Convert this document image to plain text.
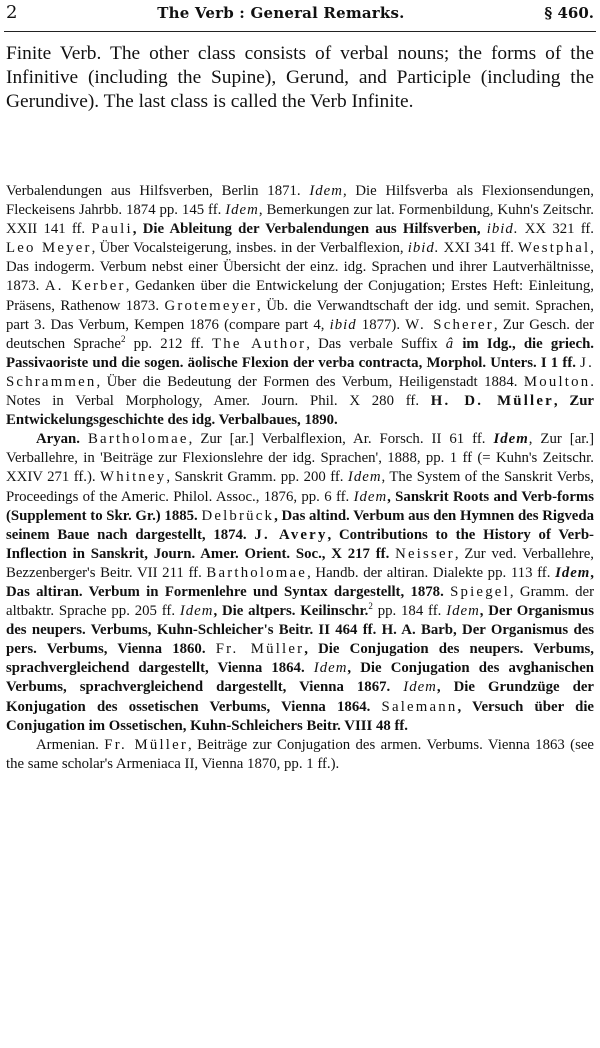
2	The Verb : General Remarks.	§ 460.
Finite Verb. The other class consists of verbal nouns; the forms of the Infinitive (including the Supine), Gerund, and Participle (including the Gerundive). The last class is called the Verb Infinite.

Verbalendungen aus Hilfsverben, Berlin 1871. Idem, Die Hilfsverba als Flexionsendungen, Fleckeisens Jahrbb. 1874 pp. 145 ff. Idem, Bemerkungen zur lat. Formenbildung, Kuhn's Zeitschr. XXII 141 ff. Pauli, Die Ableitung der Verbalendungen aus Hilfsverben, ibid. XX 321 ff. Leo Meyer, Über Vocalsteigerung, insbes. in der Verbalflexion, ibid. XXI 341 ff. Westphal, Das indogerm. Verbum nebst einer Übersicht der einz. idg. Sprachen und ihrer Lautverhältnisse, 1873. A. Kerber, Gedanken über die Entwickelung der Conjugation; Erstes Heft: Einleitung, Präsens, Rathenow 1873. Grotemeyer, Üb. die Verwandtschaft der idg. und semit. Sprachen, part 3. Das Verbum, Kempen 1876 (compare part 4, ibid 1877). W. Scherer, Zur Gesch. der deutschen Sprache$^2$ pp. 212 ff. The Author, Das verbale Suffix â im Idg., die griech. Passivaoriste und die sogen. äolische Flexion der verba contracta, Morphol. Unters. I 1 ff. J. Schrammen, Über die Bedeutung der Formen des Verbum, Heiligenstadt 1884. Moulton. Notes in Verbal Morphology, Amer. Journ. Phil. X 280 ff. H. D. Müller, Zur Entwickelungsgeschichte des idg. Verbalbaues, 1890.

Aryan. Bartholomae, Zur [ar.] Verbalflexion, Ar. Forsch. II 61 ff. Idem, Zur [ar.] Verballehre, in 'Beiträge zur Flexionslehre der idg. Sprachen', 1888, pp. 1 ff (= Kuhn's Zeitschr. XXIV 271 ff.). Whitney, Sanskrit Gramm. pp. 200 ff. Idem, The System of the Sanskrit Verbs, Proceedings of the Americ. Philol. Assoc., 1876, pp. 6 ff. Idem, Sanskrit Roots and Verb-forms (Supplement to Skr. Gr.) 1885. Delbrück, Das altind. Verbum aus den Hymnen des Rigveda seinem Baue nach dargestellt, 1874. J. Avery, Contributions to the History of Verb-Inflection in Sanskrit, Journ. Amer. Orient. Soc., X 217 ff. Neisser, Zur ved. Verballehre, Bezzenberger's Beitr. VII 211 ff. Bartholomae, Handb. der altiran. Dialekte pp. 113 ff. Idem, Das altiran. Verbum in Formenlehre und Syntax dargestellt, 1878. Spiegel, Gramm. der altbaktr. Sprache pp. 205 ff. Idem, Die altpers. Keilinschr.$^2$ pp. 184 ff. Idem, Der Organismus des neupers. Verbums, Kuhn-Schleicher's Beitr. II 464 ff. H. A. Barb, Der Organismus des pers. Verbums, Vienna 1860. Fr. Müller, Die Conjugation des neupers. Verbums, sprachvergleichend dargestellt, Vienna 1864. Idem, Die Conjugation des avghanischen Verbums, sprachvergleichend dargestellt, Vienna 1867. Idem, Die Grundzüge der Konjugation des ossetischen Verbums, Vienna 1864. Salemann, Versuch über die Conjugation im Ossetischen, Kuhn-Schleichers Beitr. VIII 48 ff.

Armenian. Fr. Müller, Beiträge zur Conjugation des armen. Verbums. Vienna 1863 (see the same scholar's Armeniaca II, Vienna 1870, pp. 1 ff.).
